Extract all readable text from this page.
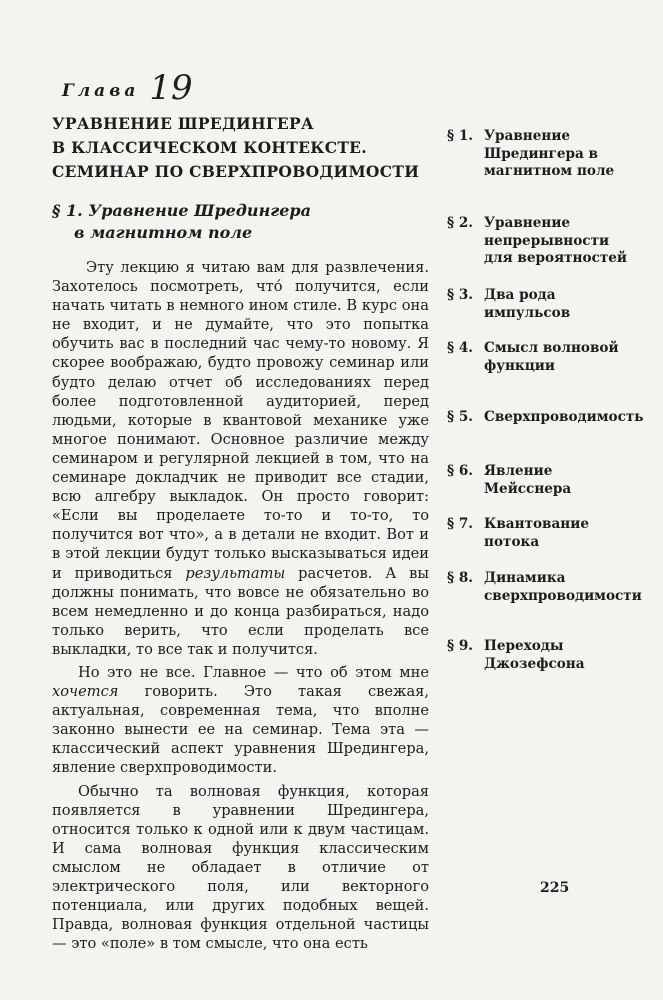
Глава 19
УРАВНЕНИЕ ШРЕДИНГЕРА
В КЛАССИЧЕСКОМ КОНТЕКСТЕ.
СЕМИНАР ПО СВЕРХПРОВОДИМОСТИ
§ 1. Уравнение Шредингера
в магнитном поле

Эту лекцию я читаю вам для развлечения. Захотелось посмотреть, что́ получится, если начать читать в немного ином стиле. В курс она не входит, и не думайте, что это попытка обучить вас в последний час чему-то новому. Я скорее воображаю, будто провожу семинар или будто делаю отчет об исследованиях перед более подготовленной аудиторией, перед людьми, которые в квантовой механике уже многое понимают. Основное различие между семинаром и регулярной лекцией в том, что на семинаре докладчик не приводит все стадии, всю алгебру выкладок. Он просто говорит: «Если вы проделаете то-то и то-то, то получится вот что», а в детали не входит. Вот и в этой лекции будут только высказываться идеи и приводиться результаты расчетов. А вы должны понимать, что вовсе не обязательно во всем немедленно и до конца разбираться, надо только верить, что если проделать все выкладки, то все так и получится.

Но это не все. Главное — что об этом мне хочется говорить. Это такая свежая, актуальная, современная тема, что вполне законно вынести ее на семинар. Тема эта — классический аспект уравнения Шредингера, явление сверхпроводимости.

Обычно та волновая функция, которая появляется в уравнении Шредингера, относится только к одной или к двум частицам. И сама волновая функция классическим смыслом не обладает в отличие от электрического поля, или векторного потенциала, или других подобных вещей. Правда, волновая функция отдельной частицы — это «поле» в том смысле, что она есть

§ 1. Уравнение Шредингера в магнитном поле
§ 2. Уравнение непрерывности для вероятностей
§ 3. Два рода импульсов
§ 4. Смысл волновой функции
§ 5. Сверхпроводимость
§ 6. Явление Мейсснера
§ 7. Квантование потока
§ 8. Динамика сверхпроводимости
§ 9. Переходы Джозефсона
225
